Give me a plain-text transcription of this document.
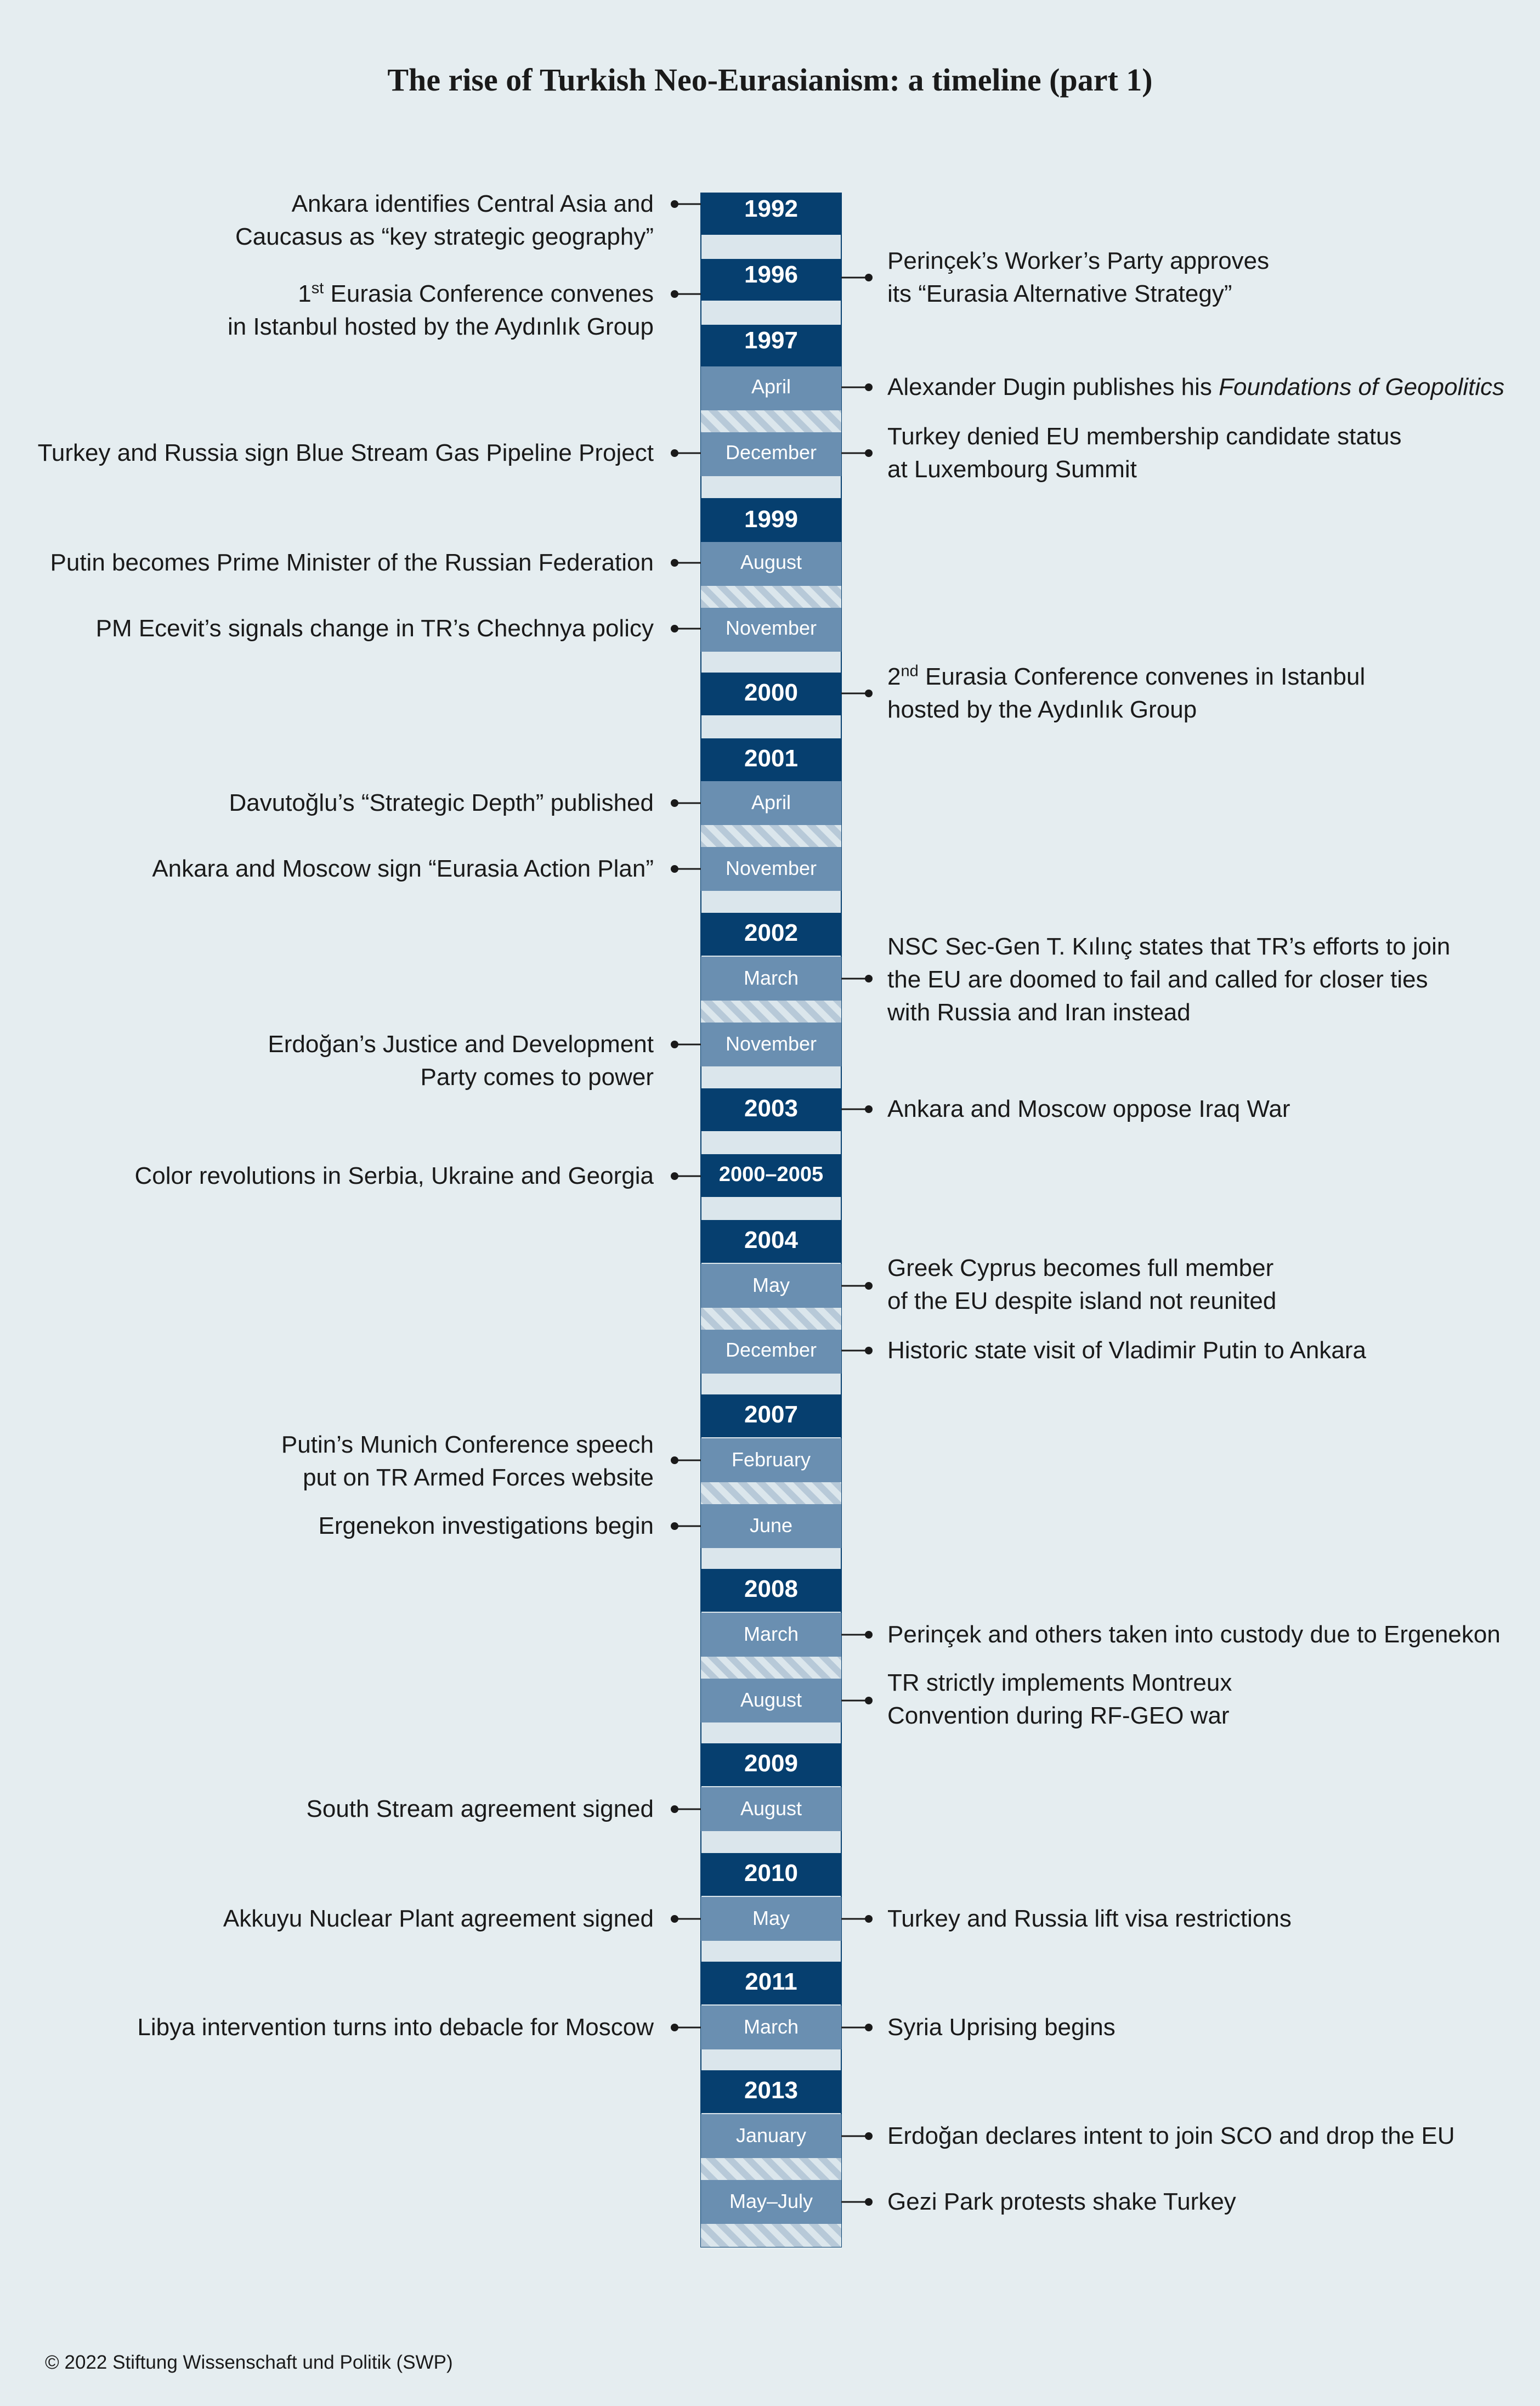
The rise of Turkish Neo-Eurasianism: a timeline (part 1)
1992
1996
1997
April
December
1999
August
November
2000
2001
April
November
2002
March
November
2003
2000–2005
2004
May
December
2007
February
June
2008
March
August
2009
August
2010
May
2011
March
2013
January
May–July
Ankara identifies Central Asia and
Caucasus as “key strategic geography”
1st Eurasia Conference convenes
in Istanbul hosted by the Aydınlık Group
Turkey and Russia sign Blue Stream Gas Pipeline Project
Putin becomes Prime Minister of the Russian Federation
PM Ecevit’s signals change in TR’s Chechnya policy
Davutoğlu’s “Strategic Depth” published
Ankara and Moscow sign “Eurasia Action Plan”
Erdoğan’s Justice and Development
Party comes to power
Color revolutions in Serbia, Ukraine and Georgia
Putin’s Munich Conference speech
put on TR Armed Forces website
Ergenekon investigations begin
South Stream agreement signed
Akkuyu Nuclear Plant agreement signed
Libya intervention turns into debacle for Moscow
Perinçek’s Worker’s Party approves
its “Eurasia Alternative Strategy”
Alexander Dugin publishes his Foundations of Geopolitics
Turkey denied EU membership candidate status
at Luxembourg Summit
2nd Eurasia Conference convenes in Istanbul
hosted by the Aydınlık Group
NSC Sec-Gen T. Kılınç states that TR’s efforts to join
the EU are doomed to fail and called for closer ties
with Russia and Iran instead
Ankara and Moscow oppose Iraq War
Greek Cyprus becomes full member
of the EU despite island not reunited
Historic state visit of Vladimir Putin to Ankara
Perinçek and others taken into custody due to Ergenekon
TR strictly implements Montreux
Convention during RF-GEO war
Turkey and Russia lift visa restrictions
Syria Uprising begins
Erdoğan declares intent to join SCO and drop the EU
Gezi Park protests shake Turkey
© 2022 Stiftung Wissenschaft und Politik (SWP)
